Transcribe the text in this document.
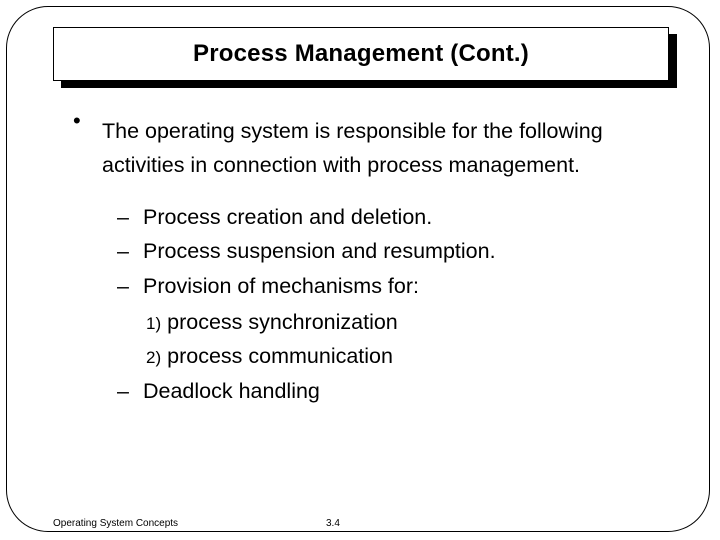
Process Management (Cont.)
• The operating system is responsible for the following activities in connection with process management.
– Process creation and deletion.
– Process suspension and resumption.
– Provision of mechanisms for:
1) process synchronization
2) process communication
– Deadlock handling
Operating System Concepts	3.4
